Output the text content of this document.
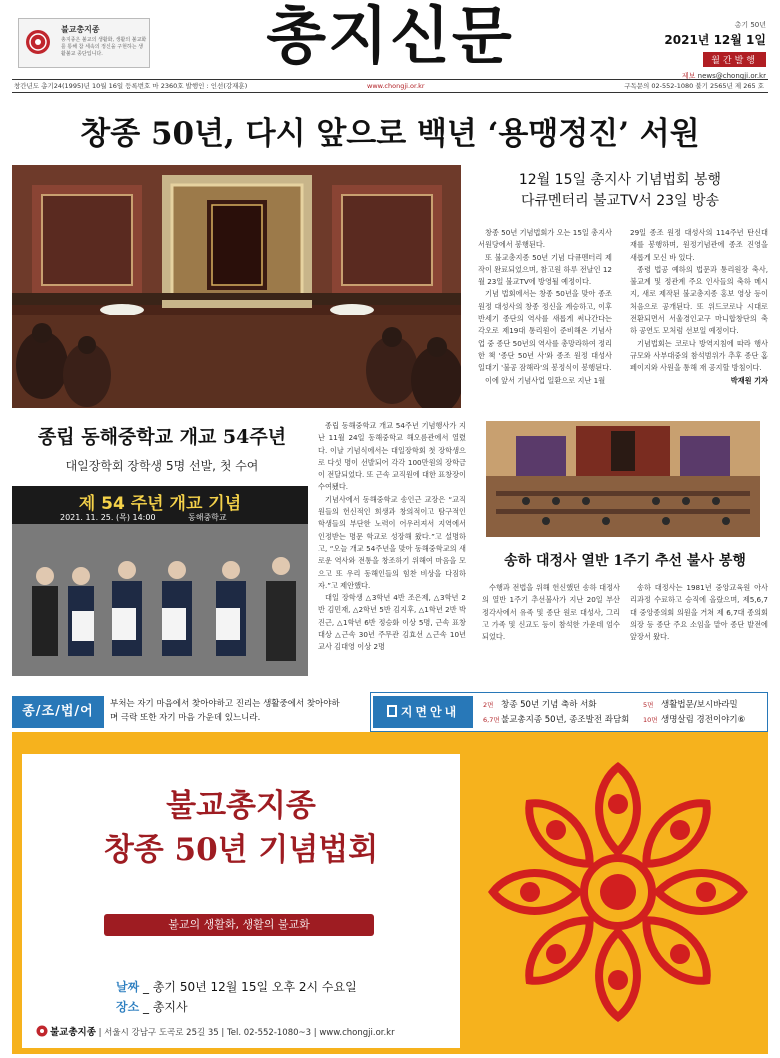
불교총지종
총지종은 불교의 생활화, 생활의 불교화를 통해 참 세속의 정신을 구현하는 생활불교 종단입니다.	총지신문	총기 50년
2021년 12월 1일
월간발행
제보 news@chongji.or.kr
창간년도 총기24(1995)년 10월 16일 등록번호 마 2360호 발행인 : 인선(강재훈)	www.chongji.or.kr	구독문의 02-552-1080 불기 2565년 제 265 호
창종 50년, 다시 앞으로 백년 ‘용맹정진’ 서원
12월 15일 총지사 기념법회 봉행
다큐멘터리 불교TV서 23일 방송

창종 50년 기념법회가 오는 15일 총지사 서원당에서 봉행된다.

또 불교총지종 50년 기념 다큐멘터리 제작이 완료되었으며, 참고원 하루 전날인 12월 23일 불교TV에 방영될 예정이다.

기념 법회에서는 창종 50년을 맞아 종조 원정 대성사의 창종 정신을 계승하고, 이후 반세기 종단의 역사를 새롭게 써나간다는 각오로 제19대 통리원이 준비해온 기념사업 중 종단 50년의 역사를 총망라하여 정리한 책 '종단 50년 사'와 종조 원정 대성사 일대기 '불공 잠해라'의 봉정식이 봉행된다.

이에 앞서 기념사업 일환으로 지난 1월

29일 종조 원정 대성사의 114주년 탄신대재를 봉행하며, 원정기념관에 종조 진영을 새롭게 모신 바 있다.

종령 법공 예하의 법문과 통리원장 축사, 불교계 및 정관계 주요 인사들의 축하 메시지, 새로 제작된 불교총지종 홍보 영상 등이 처음으로 공개된다. 또 위드코로나 시대로 전환되면서 서울경인교구 마니합창단의 축하 공연도 모처럼 선보일 예정이다.

기념법회는 코로나 방역지침에 따라 행사 규모와 사부대중의 참석범위가 추후 종단 홈페이지와 사원을 통해 재 공지할 방침이다.

박재원 기자
종립 동해중학교 개교 54주년
대일장학회 장학생 5명 선발, 첫 수여
제 54 주년 개교 기념
2021. 11. 25. (목) 14:00	동해중학교

종립 동해중학교 개교 54주년 기념행사가 지난 11월 24일 동해중학교 해오름관에서 열렸다. 이날 기념식에서는 대일장학회 첫 장학생으로 다섯 명이 선발되어 각각 100만원의 장학금이 전달되었다. 또 근속 교직원에 대한 표창장이 수여됐다.

기념사에서 동해중학교 송인근 교장은 “교직원들의 헌신적인 희생과 창의적이고 탐구적인 학생들의 부단한 노력이 어우러져서 지역에서 인정받는 명문 학교로 성장해 왔다.”고 설명하고, “오늘 개교 54주년을 맞아 동해중학교의 새로운 역사와 전통을 창조하기 위해여 마음을 모으고 또 우리 동해인들의 힘찬 비상을 다짐하자.”고 제안했다.

대일 장학생 △3학년 4반 조은제, △3학년 2반 김민재, △2학년 5반 김지후, △1학년 2반 박진근, △1학년 6반 정승화 이상 5명, 근속 표창 대상 △근속 30년 주무관 김효선 △근속 10년 교사 김대영 이상 2명

송하 대정사 열반 1주기 추선 불사 봉행

수행과 전법을 위해 헌신했던 송하 대정사의 열반 1주기 추선불사가 지난 20일 부산 정각사에서 유족 및 종단 원로 대성사, 그리고 가족 및 신교도 등이 참석한 가운데 엄수되었다.

송하 대정사는 1981년 중앙교육원 아사리과정 수료하고 승직에 올랐으며, 제5,6,7대 중앙종의회 의원을 거쳐 제 6,7대 종의회 의장 등 종단 주요 소임을 맡아 종단 발전에 앞장서 왔다.

종/조/법/어	부처는 자기 마음에서 찾아야하고 진리는 생활중에서 찾아야하며 극락 또한 자기 마음 가운데 있느니라.	지면안내	2면 창종 50년 기념 축하 서화
6,7면불교총지종 50년, 종조발전 좌담회
5면 생활법문/보시바라밀
10면 생명살림 경전이야기⑥
불교총지종
창종 50년 기념법회
불교의 생활화, 생활의 불교화
날짜 _ 총기 50년 12월 15일 오후 2시 수요일
장소 _ 총지사
불교총지종 | 서울시 강남구 도곡로 25길 35 | Tel. 02-552-1080~3 | www.chongji.or.kr
